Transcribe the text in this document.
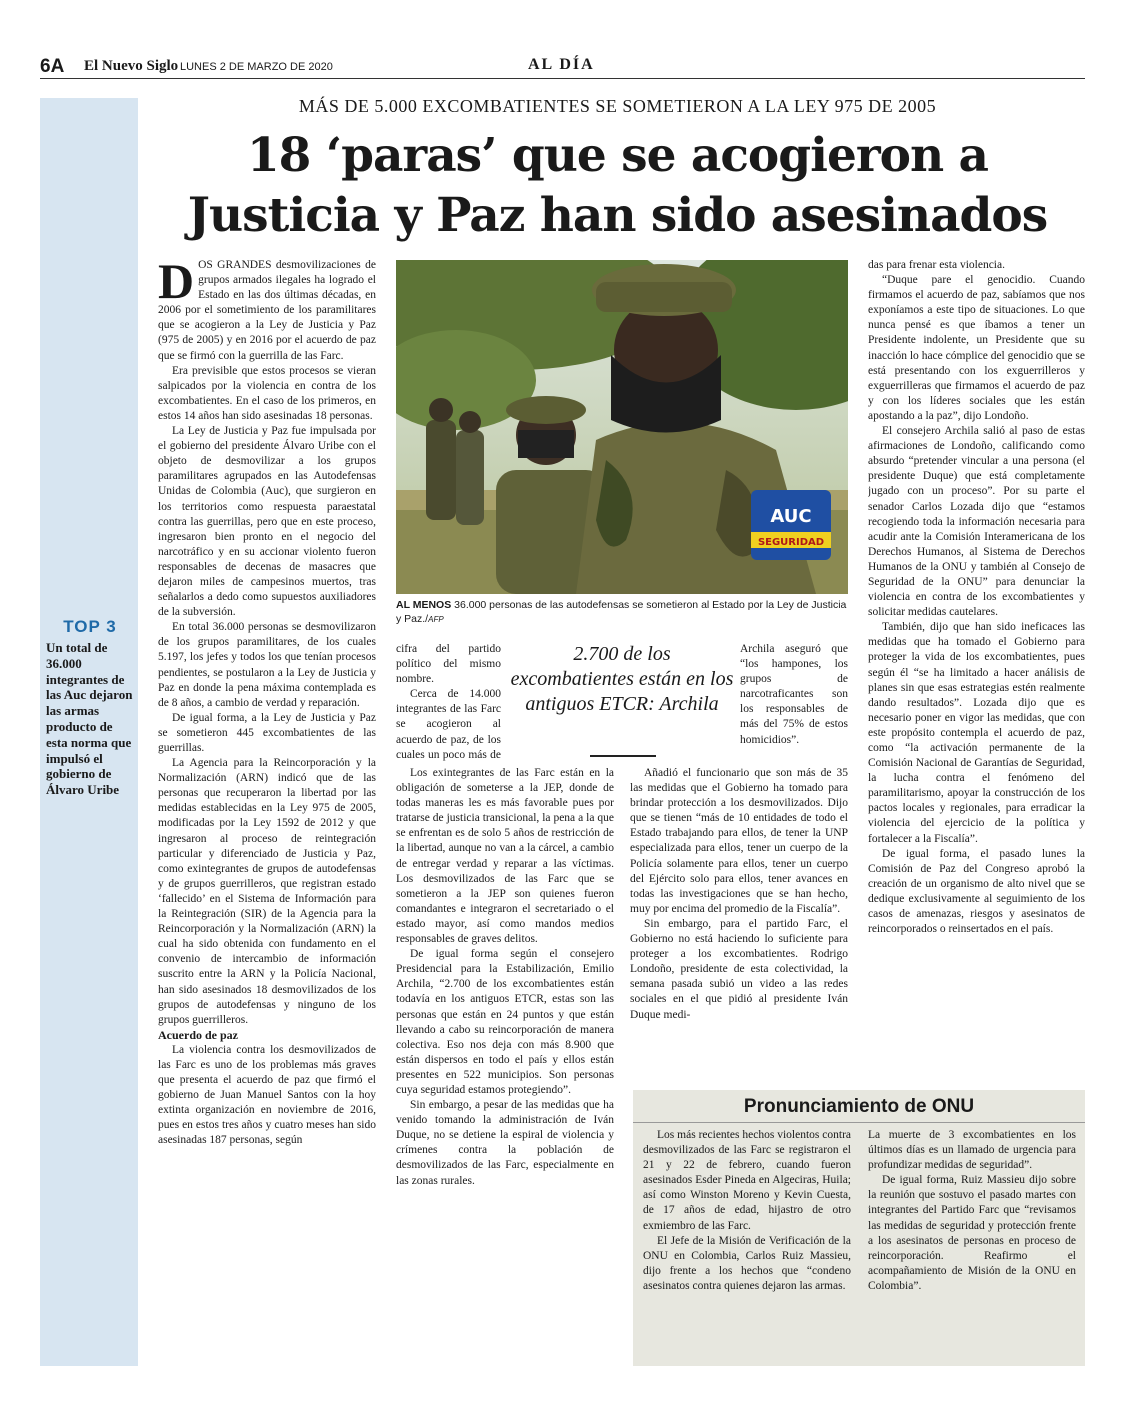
6A El Nuevo Siglo LUNES 2 DE MARZO DE 2020	AL DÍA
TOP 3
Un total de 36.000 integrantes de las Auc dejaron las armas producto de esta norma que impulsó el gobierno de Álvaro Uribe
MÁS DE 5.000 EXCOMBATIENTES SE SOMETIERON A LA LEY 975 DE 2005
18 ‘paras’ que se acogieron a
Justicia y Paz han sido asesinados

DOS GRANDES desmovilizaciones de grupos armados ilegales ha logrado el Estado en las dos últimas décadas, en 2006 por el sometimiento de los paramilitares que se acogieron a la Ley de Justicia y Paz (975 de 2005) y en 2016 por el acuerdo de paz que se firmó con la guerrilla de las Farc.

Era previsible que estos procesos se vieran salpicados por la violencia en contra de los excombatientes. En el caso de los primeros, en estos 14 años han sido asesinadas 18 personas.

La Ley de Justicia y Paz fue impulsada por el gobierno del presidente Álvaro Uribe con el objeto de desmovilizar a los grupos paramilitares agrupados en las Autodefensas Unidas de Colombia (Auc), que surgieron en los territorios como respuesta paraestatal contra las guerrillas, pero que en este proceso, ingresaron bien pronto en el negocio del narcotráfico y en su accionar violento fueron responsables de decenas de masacres que dejaron miles de campesinos muertos, tras señalarlos a dedo como supuestos auxiliadores de la subversión.

En total 36.000 personas se desmovilizaron de los grupos paramilitares, de los cuales 5.197, los jefes y todos los que tenían procesos pendientes, se postularon a la Ley de Justicia y Paz en donde la pena máxima contemplada es de 8 años, a cambio de verdad y reparación.

De igual forma, a la Ley de Justicia y Paz se sometieron 445 excombatientes de las guerrillas.

La Agencia para la Reincorporación y la Normalización (ARN) indicó que de las personas que recuperaron la libertad por las medidas establecidas en la Ley 975 de 2005, modificadas por la Ley 1592 de 2012 y que ingresaron al proceso de reintegración particular y diferenciado de Justicia y Paz, como exintegrantes de grupos de autodefensas y de grupos guerrilleros, que registran estado ‘fallecido’ en el Sistema de Información para la Reintegración (SIR) de la Agencia para la Reincorporación y la Normalización (ARN) la cual ha sido obtenida con fundamento en el convenio de intercambio de información suscrito entre la ARN y la Policía Nacional, han sido asesinados 18 desmovilizados de los grupos de autodefensas y ninguno de los grupos guerrilleros.

Acuerdo de paz

La violencia contra los desmovilizados de las Farc es uno de los problemas más graves que presenta el acuerdo de paz que firmó el gobierno de Juan Manuel Santos con la hoy extinta organización en noviembre de 2016, pues en estos tres años y cuatro meses han sido asesinadas 187 personas, según

AUC
SEGURIDAD
AL MENOS 36.000 personas de las autodefensas se sometieron al Estado por la Ley de Justicia y Paz./AFP

cifra del partido político del mismo nombre.

Cerca de 14.000 integrantes de las Farc se acogieron al acuerdo de paz, de los cuales un poco más de

Los exintegrantes de las Farc están en la obligación de someterse a la JEP, donde de todas maneras les es más favorable pues por tratarse de justicia transicional, la pena a la que se enfrentan es de solo 5 años de restricción de la libertad, aunque no van a la cárcel, a cambio de entregar verdad y reparar a las víctimas. Los desmovilizados de las Farc que se sometieron a la JEP son quienes fueron comandantes e integraron el secretariado o el estado mayor, así como mandos medios responsables de graves delitos.

De igual forma según el consejero Presidencial para la Estabilización, Emilio Archila, “2.700 de los excombatientes están todavía en los antiguos ETCR, estas son las personas que están en 24 puntos y que están llevando a cabo su reincorporación de manera colectiva. Eso nos deja con más 8.900 que están dispersos en todo el país y ellos están presentes en 522 municipios. Son personas cuya seguridad estamos protegiendo”.

Sin embargo, a pesar de las medidas que ha venido tomando la administración de Iván Duque, no se detiene la espiral de violencia y crímenes contra la población de desmovilizados de las Farc, especialmente en las zonas rurales.

2.700 de los excombatientes están en los antiguos ETCR: Archila

Archila aseguró que “los hampones, los grupos de narcotraficantes son los responsables de más del 75% de estos homicidios”.

Añadió el funcionario que son más de 35 las medidas que el Gobierno ha tomado para brindar protección a los desmovilizados. Dijo que se tienen “más de 10 entidades de todo el Estado trabajando para ellos, de tener la UNP especializada para ellos, tener un cuerpo de la Policía solamente para ellos, tener un cuerpo del Ejército solo para ellos, tener avances en todas las investigaciones que se han hecho, muy por encima del promedio de la Fiscalía”.

Sin embargo, para el partido Farc, el Gobierno no está haciendo lo suficiente para proteger a los excombatientes. Rodrigo Londoño, presidente de esta colectividad, la semana pasada subió un video a las redes sociales en el que pidió al presidente Iván Duque medi-

das para frenar esta violencia.

“Duque pare el genocidio. Cuando firmamos el acuerdo de paz, sabíamos que nos exponíamos a este tipo de situaciones. Lo que nunca pensé es que íbamos a tener un Presidente indolente, un Presidente que su inacción lo hace cómplice del genocidio que se está presentando con los exguerrilleros y exguerrilleras que firmamos el acuerdo de paz y con los líderes sociales que les están apostando a la paz”, dijo Londoño.

El consejero Archila salió al paso de estas afirmaciones de Londoño, calificando como absurdo “pretender vincular a una persona (el presidente Duque) que está completamente jugado con un proceso”. Por su parte el senador Carlos Lozada dijo que “estamos recogiendo toda la información necesaria para acudir ante la Comisión Interamericana de los Derechos Humanos, al Sistema de Derechos Humanos de la ONU y también al Consejo de Seguridad de la ONU” para denunciar la violencia en contra de los excombatientes y solicitar medidas cautelares.

También, dijo que han sido ineficaces las medidas que ha tomado el Gobierno para proteger la vida de los excombatientes, pues según él “se ha limitado a hacer análisis de planes sin que esas estrategias estén realmente dando resultados”. Lozada dijo que es necesario poner en vigor las medidas, que con este propósito contempla el acuerdo de paz, como “la activación permanente de la Comisión Nacional de Garantías de Seguridad, la lucha contra el fenómeno del paramilitarismo, apoyar la construcción de los pactos locales y regionales, para erradicar la violencia del ejercicio de la política y fortalecer a la Fiscalía”.

De igual forma, el pasado lunes la Comisión de Paz del Congreso aprobó la creación de un organismo de alto nivel que se dedique exclusivamente al seguimiento de los casos de amenazas, riesgos y asesinatos de reincorporados o reinsertados en el país.

Pronunciamiento de ONU

Los más recientes hechos violentos contra desmovilizados de las Farc se registraron el 21 y 22 de febrero, cuando fueron asesinados Esder Pineda en Algeciras, Huila; así como Winston Moreno y Kevin Cuesta, de 17 años de edad, hijastro de otro exmiembro de las Farc.

El Jefe de la Misión de Verificación de la ONU en Colombia, Carlos Ruiz Massieu, dijo frente a los hechos que “condeno asesinatos contra quienes dejaron las armas.

La muerte de 3 excombatientes en los últimos días es un llamado de urgencia para profundizar medidas de seguridad”.

De igual forma, Ruiz Massieu dijo sobre la reunión que sostuvo el pasado martes con integrantes del Partido Farc que “revisamos las medidas de seguridad y protección frente a los asesinatos de personas en proceso de reincorporación. Reafirmo el acompañamiento de Misión de la ONU en Colombia”.
